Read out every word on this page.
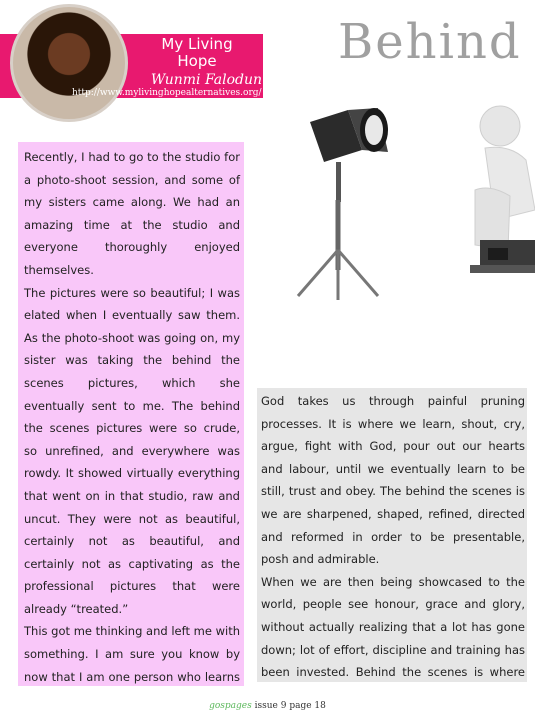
My Living
Hope
Wunmi Falodun
http://www.mylivinghopealternatives.org/
Behind

Recently, I had to go to the studio for a photo-shoot session, and some of my sisters came along. We had an amazing time at the studio and everyone thoroughly enjoyed themselves.

The pictures were so beautiful; I was elated when I eventually saw them. As the photo-shoot was going on, my sister was taking the behind the scenes pictures, which she eventually sent to me. The behind the scenes pictures were so crude, so unrefined, and everywhere was rowdy. It showed virtually everything that went on in that studio, raw and uncut. They were not as beautiful, certainly not as beautiful, and certainly not as captivating as the professional pictures that were already “treated.”

This got me thinking and left me with something. I am sure you know by now that I am one person who learns

God takes us through painful pruning processes. It is where we learn, shout, cry, argue, fight with God, pour out our hearts and labour, until we eventually learn to be still, trust and obey. The behind the scenes is we are sharpened, shaped, refined, directed and reformed in order to be presentable, posh and admirable.

When we are then being showcased to the world, people see honour, grace and glory, without actually realizing that a lot has gone down; lot of effort, discipline and training has been invested. Behind the scenes is where

gospages issue 9 page 18
